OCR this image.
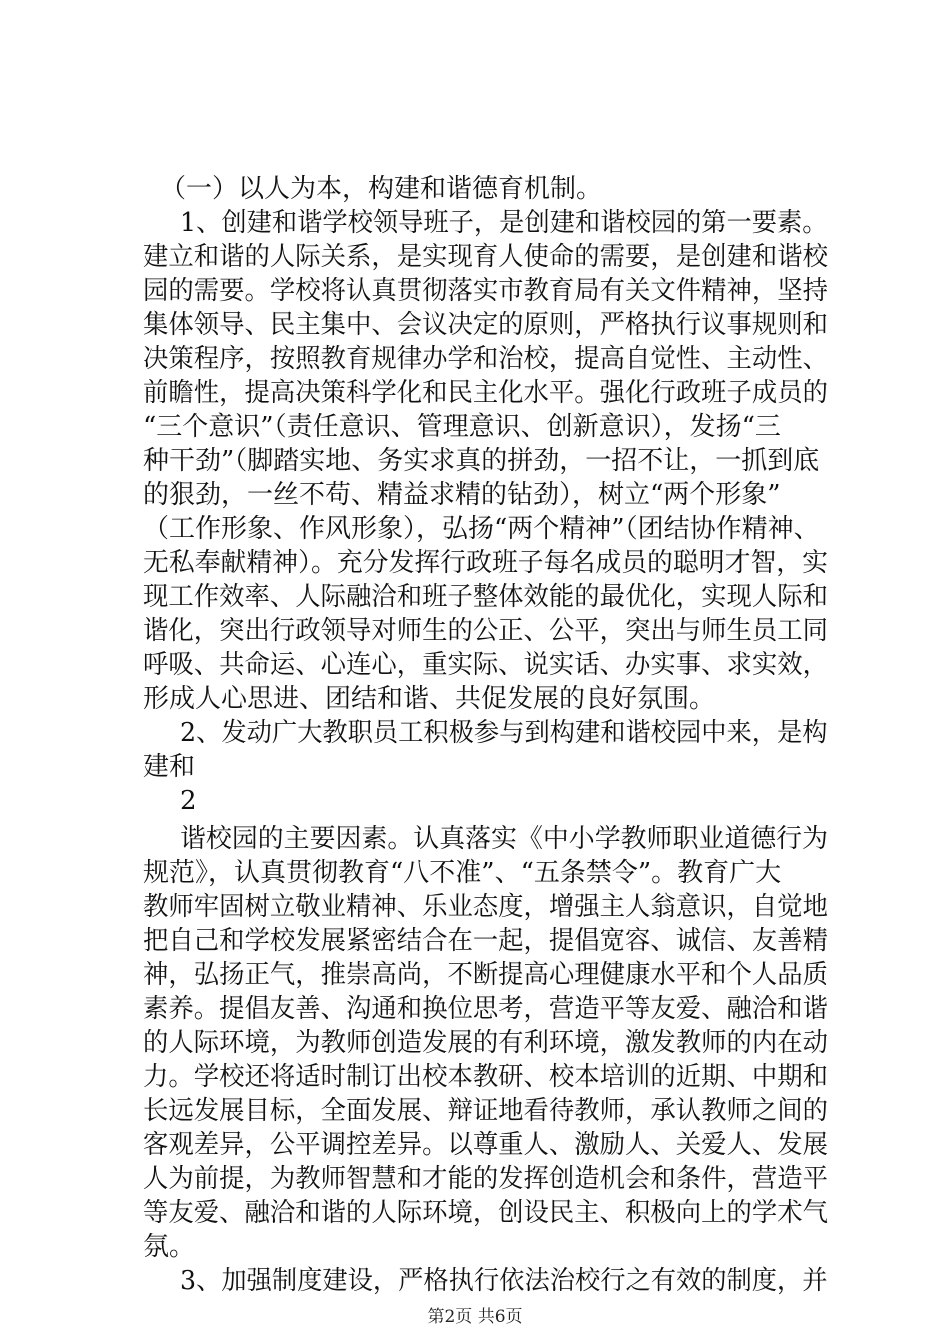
（一）以人为本，构建和谐德育机制。

1、创建和谐学校领导班子，是创建和谐校园的第一要素。

建立和谐的人际关系，是实现育人使命的需要，是创建和谐校

园的需要。学校将认真贯彻落实市教育局有关文件精神，坚持

集体领导、民主集中、会议决定的原则，严格执行议事规则和

决策程序，按照教育规律办学和治校，提高自觉性、主动性、

前瞻性，提高决策科学化和民主化水平。强化行政班子成员的

“三个意识”（责任意识、管理意识、创新意识），发扬“三

种干劲”（脚踏实地、务实求真的拼劲，一招不让，一抓到底

的狠劲，一丝不苟、精益求精的钻劲），树立“两个形象”

（工作形象、作风形象），弘扬“两个精神”（团结协作精神、

无私奉献精神）。充分发挥行政班子每名成员的聪明才智，实

现工作效率、人际融洽和班子整体效能的最优化，实现人际和

谐化，突出行政领导对师生的公正、公平，突出与师生员工同

呼吸、共命运、心连心，重实际、说实话、办实事、求实效，

形成人心思进、团结和谐、共促发展的良好氛围。

2、发动广大教职员工积极参与到构建和谐校园中来，是构

建和

2

谐校园的主要因素。认真落实《中小学教师职业道德行为

规范》，认真贯彻教育“八不准”、“五条禁令”。教育广大

教师牢固树立敬业精神、乐业态度，增强主人翁意识，自觉地

把自己和学校发展紧密结合在一起，提倡宽容、诚信、友善精

神，弘扬正气，推崇高尚，不断提高心理健康水平和个人品质

素养。提倡友善、沟通和换位思考，营造平等友爱、融洽和谐

的人际环境，为教师创造发展的有利环境，激发教师的内在动

力。学校还将适时制订出校本教研、校本培训的近期、中期和

长远发展目标，全面发展、辩证地看待教师，承认教师之间的

客观差异，公平调控差异。以尊重人、激励人、关爱人、发展

人为前提，为教师智慧和才能的发挥创造机会和条件，营造平

等友爱、融洽和谐的人际环境，创设民主、积极向上的学术气

氛。

3、加强制度建设，严格执行依法治校行之有效的制度，并

第2页 共6页
